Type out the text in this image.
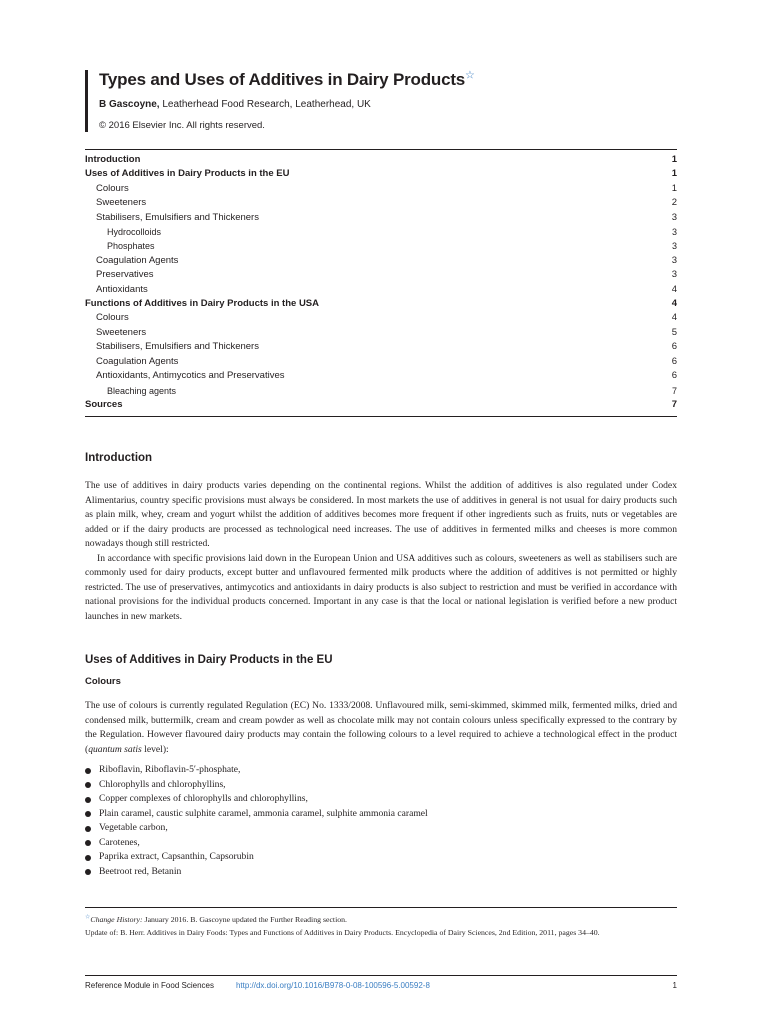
Types and Uses of Additives in Dairy Products☆
B Gascoyne, Leatherhead Food Research, Leatherhead, UK
© 2016 Elsevier Inc. All rights reserved.
Introduction	1
Uses of Additives in Dairy Products in the EU	1
Colours	1
Sweeteners	2
Stabilisers, Emulsifiers and Thickeners	3
Hydrocolloids	3
Phosphates	3
Coagulation Agents	3
Preservatives	3
Antioxidants	4
Functions of Additives in Dairy Products in the USA	4
Colours	4
Sweeteners	5
Stabilisers, Emulsifiers and Thickeners	6
Coagulation Agents	6
Antioxidants, Antimycotics and Preservatives	6
Bleaching agents	7
Sources	7
Introduction

The use of additives in dairy products varies depending on the continental regions. Whilst the addition of additives is also regulated under Codex Alimentarius, country specific provisions must always be considered. In most markets the use of additives in general is not usual for dairy products such as plain milk, whey, cream and yogurt whilst the addition of additives becomes more frequent if other ingredients such as fruits, nuts or vegetables are added or if the dairy products are processed as technological need increases. The use of additives in fermented milks and cheeses is more common nowadays though still restricted.

In accordance with specific provisions laid down in the European Union and USA additives such as colours, sweeteners as well as stabilisers such are commonly used for dairy products, except butter and unflavoured fermented milk products where the addition of additives is not permitted or highly restricted. The use of preservatives, antimycotics and antioxidants in dairy products is also subject to restriction and must be verified in accordance with national provisions for the individual products concerned. Important in any case is that the local or national legislation is verified before a new product launches in new markets.

Uses of Additives in Dairy Products in the EU
Colours

The use of colours is currently regulated Regulation (EC) No. 1333/2008. Unflavoured milk, semi-skimmed, skimmed milk, fermented milks, dried and condensed milk, buttermilk, cream and cream powder as well as chocolate milk may not contain colours unless specifically expressed to the contrary by the Regulation. However flavoured dairy products may contain the following colours to a level required to achieve a technological effect in the product (quantum satis level):

Riboflavin, Riboflavin-5′-phosphate,
Chlorophylls and chlorophyllins,
Copper complexes of chlorophylls and chlorophyllins,
Plain caramel, caustic sulphite caramel, ammonia caramel, sulphite ammonia caramel
Vegetable carbon,
Carotenes,
Paprika extract, Capsanthin, Capsorubin
Beetroot red, Betanin

☆Change History: January 2016. B. Gascoyne updated the Further Reading section.

Update of: B. Herr. Additives in Dairy Foods: Types and Functions of Additives in Dairy Products. Encyclopedia of Dairy Sciences, 2nd Edition, 2011, pages 34–40.

Reference Module in Food Sciences	http://dx.doi.org/10.1016/B978-0-08-100596-5.00592-8	1
